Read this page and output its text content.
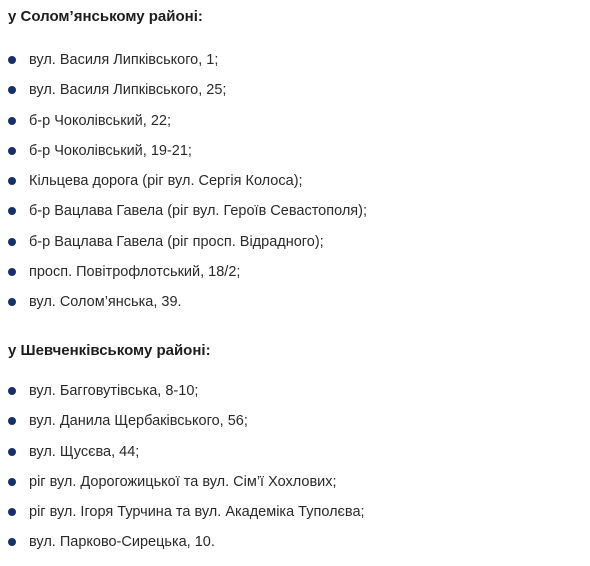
у Солом’янському районі:
вул. Василя Липківського, 1;
вул. Василя Липківського, 25;
б-р Чоколівський, 22;
б-р Чоколівський, 19-21;
Кільцева дорога (ріг вул. Сергія Колоса);
б-р Вацлава Гавела (ріг вул. Героїв Севастополя);
б-р Вацлава Гавела (ріг просп. Відрадного);
просп. Повітрофлотський, 18/2;
вул. Солом’янська, 39.
у Шевченківському районі:
вул. Багговутівська, 8-10;
вул. Данила Щербаківського, 56;
вул. Щусєва, 44;
ріг вул. Дорогожицької та вул. Сім’ї Хохлових;
ріг вул. Ігоря Турчина та вул. Академіка Туполєва;
вул. Парково-Сирецька, 10.
